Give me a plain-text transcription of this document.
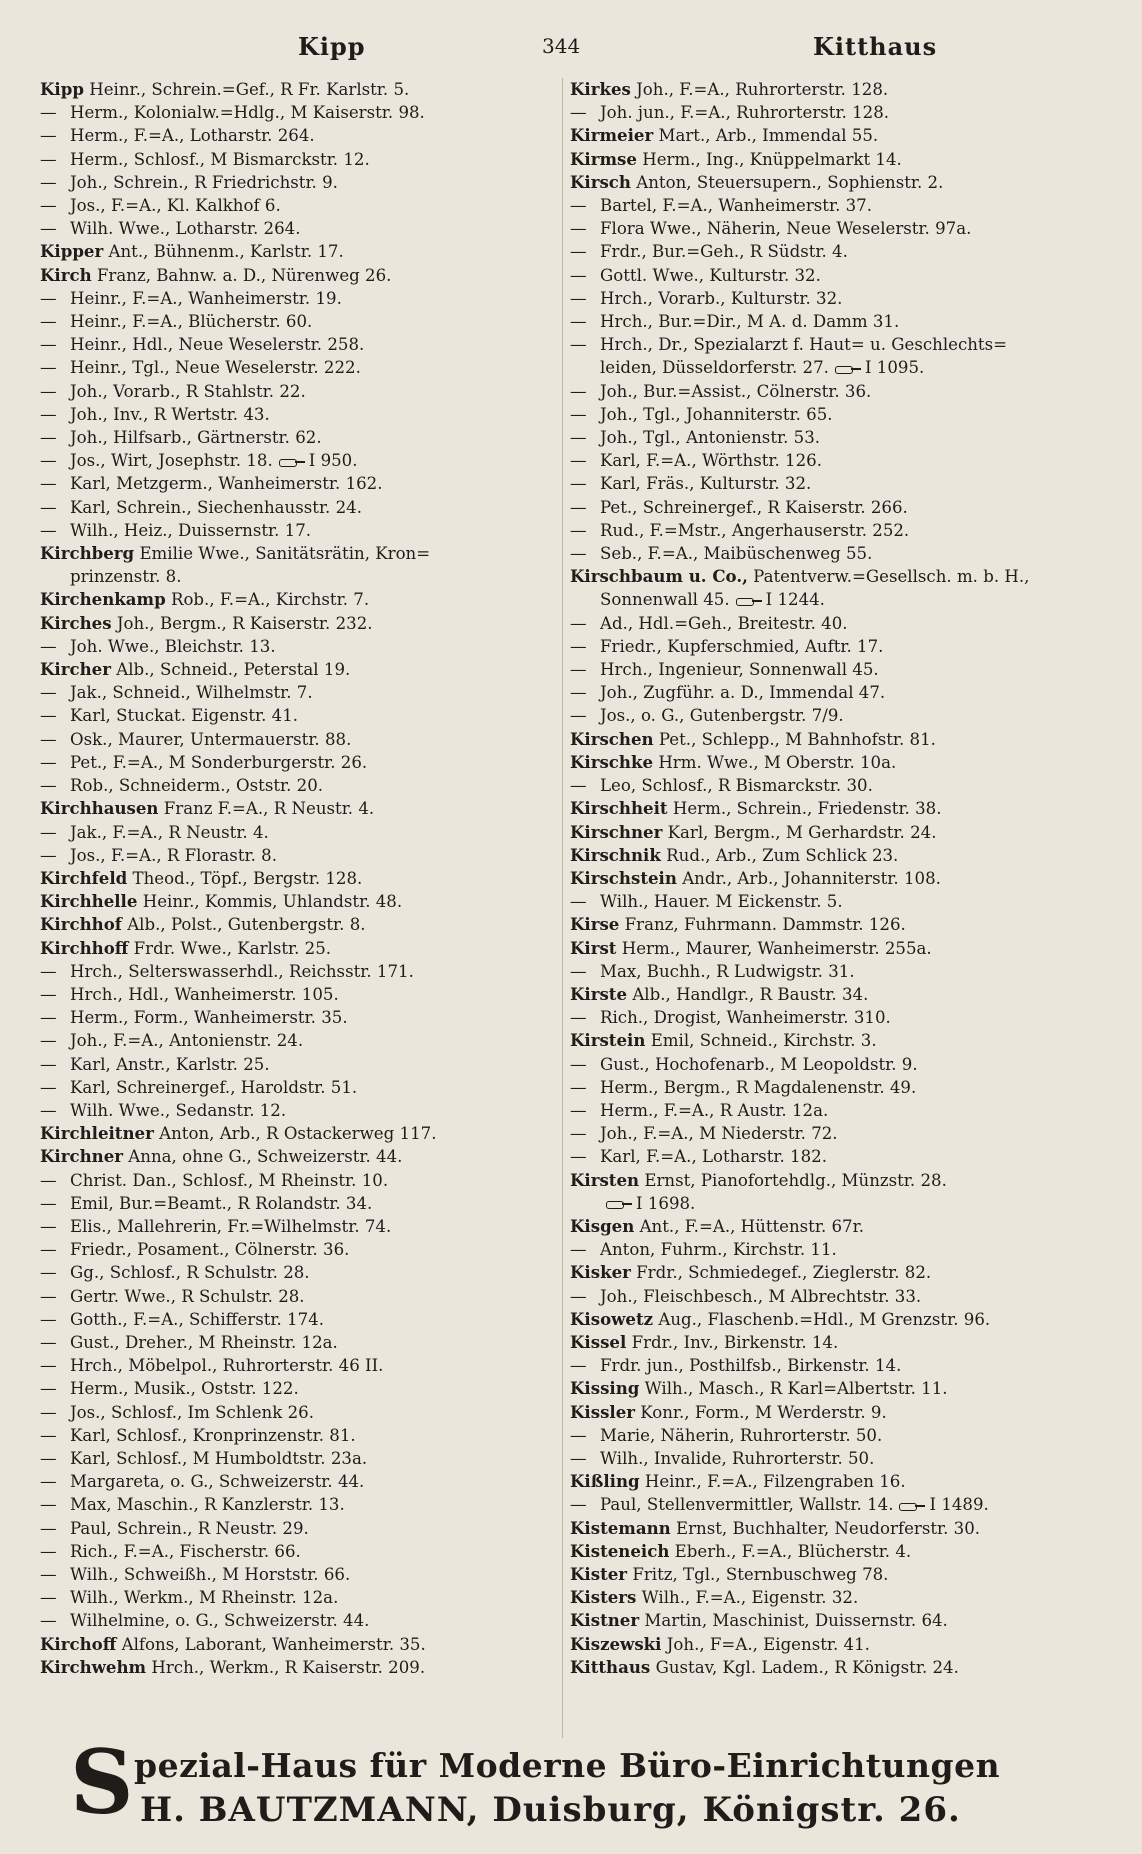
Kipp	344	Kitthaus
Kipp Heinr., Schrein.=Gef., R Fr. Karlstr. 5.
— Herm., Kolonialw.=Hdlg., M Kaiserstr. 98.
— Herm., F.=A., Lotharstr. 264.
— Herm., Schlosf., M Bismarckstr. 12.
— Joh., Schrein., R Friedrichstr. 9.
— Jos., F.=A., Kl. Kalkhof 6.
— Wilh. Wwe., Lotharstr. 264.
Kipper Ant., Bühnenm., Karlstr. 17.
Kirch Franz, Bahnw. a. D., Nürenweg 26.
— Heinr., F.=A., Wanheimerstr. 19.
— Heinr., F.=A., Blücherstr. 60.
— Heinr., Hdl., Neue Weselerstr. 258.
— Heinr., Tgl., Neue Weselerstr. 222.
— Joh., Vorarb., R Stahlstr. 22.
— Joh., Inv., R Wertstr. 43.
— Joh., Hilfsarb., Gärtnerstr. 62.
— Jos., Wirt, Josephstr. 18. I 950.
— Karl, Metzgerm., Wanheimerstr. 162.
— Karl, Schrein., Siechenhausstr. 24.
— Wilh., Heiz., Duissernstr. 17.
Kirchberg Emilie Wwe., Sanitätsrätin, Kron=
prinzenstr. 8.
Kirchenkamp Rob., F.=A., Kirchstr. 7.
Kirches Joh., Bergm., R Kaiserstr. 232.
— Joh. Wwe., Bleichstr. 13.
Kircher Alb., Schneid., Peterstal 19.
— Jak., Schneid., Wilhelmstr. 7.
— Karl, Stuckat. Eigenstr. 41.
— Osk., Maurer, Untermauerstr. 88.
— Pet., F.=A., M Sonderburgerstr. 26.
— Rob., Schneiderm., Oststr. 20.
Kirchhausen Franz F.=A., R Neustr. 4.
— Jak., F.=A., R Neustr. 4.
— Jos., F.=A., R Florastr. 8.
Kirchfeld Theod., Töpf., Bergstr. 128.
Kirchhelle Heinr., Kommis, Uhlandstr. 48.
Kirchhof Alb., Polst., Gutenbergstr. 8.
Kirchhoff Frdr. Wwe., Karlstr. 25.
— Hrch., Selterswasserhdl., Reichsstr. 171.
— Hrch., Hdl., Wanheimerstr. 105.
— Herm., Form., Wanheimerstr. 35.
— Joh., F.=A., Antonienstr. 24.
— Karl, Anstr., Karlstr. 25.
— Karl, Schreinergef., Haroldstr. 51.
— Wilh. Wwe., Sedanstr. 12.
Kirchleitner Anton, Arb., R Ostackerweg 117.
Kirchner Anna, ohne G., Schweizerstr. 44.
— Christ. Dan., Schlosf., M Rheinstr. 10.
— Emil, Bur.=Beamt., R Rolandstr. 34.
— Elis., Mallehrerin, Fr.=Wilhelmstr. 74.
— Friedr., Posament., Cölnerstr. 36.
— Gg., Schlosf., R Schulstr. 28.
— Gertr. Wwe., R Schulstr. 28.
— Gotth., F.=A., Schifferstr. 174.
— Gust., Dreher., M Rheinstr. 12a.
— Hrch., Möbelpol., Ruhrorterstr. 46 II.
— Herm., Musik., Oststr. 122.
— Jos., Schlosf., Im Schlenk 26.
— Karl, Schlosf., Kronprinzenstr. 81.
— Karl, Schlosf., M Humboldtstr. 23a.
— Margareta, o. G., Schweizerstr. 44.
— Max, Maschin., R Kanzlerstr. 13.
— Paul, Schrein., R Neustr. 29.
— Rich., F.=A., Fischerstr. 66.
— Wilh., Schweißh., M Horststr. 66.
— Wilh., Werkm., M Rheinstr. 12a.
— Wilhelmine, o. G., Schweizerstr. 44.
Kirchoff Alfons, Laborant, Wanheimerstr. 35.
Kirchwehm Hrch., Werkm., R Kaiserstr. 209.
Kirkes Joh., F.=A., Ruhrorterstr. 128.
— Joh. jun., F.=A., Ruhrorterstr. 128.
Kirmeier Mart., Arb., Immendal 55.
Kirmse Herm., Ing., Knüppelmarkt 14.
Kirsch Anton, Steuersupern., Sophienstr. 2.
— Bartel, F.=A., Wanheimerstr. 37.
— Flora Wwe., Näherin, Neue Weselerstr. 97a.
— Frdr., Bur.=Geh., R Südstr. 4.
— Gottl. Wwe., Kulturstr. 32.
— Hrch., Vorarb., Kulturstr. 32.
— Hrch., Bur.=Dir., M A. d. Damm 31.
— Hrch., Dr., Spezialarzt f. Haut= u. Geschlechts=
leiden, Düsseldorferstr. 27. I 1095.
— Joh., Bur.=Assist., Cölnerstr. 36.
— Joh., Tgl., Johanniterstr. 65.
— Joh., Tgl., Antonienstr. 53.
— Karl, F.=A., Wörthstr. 126.
— Karl, Fräs., Kulturstr. 32.
— Pet., Schreinergef., R Kaiserstr. 266.
— Rud., F.=Mstr., Angerhauserstr. 252.
— Seb., F.=A., Maibüschenweg 55.
Kirschbaum u. Co., Patentverw.=Gesellsch. m. b. H.,
Sonnenwall 45. I 1244.
— Ad., Hdl.=Geh., Breitestr. 40.
— Friedr., Kupferschmied, Auftr. 17.
— Hrch., Ingenieur, Sonnenwall 45.
— Joh., Zugführ. a. D., Immendal 47.
— Jos., o. G., Gutenbergstr. 7/9.
Kirschen Pet., Schlepp., M Bahnhofstr. 81.
Kirschke Hrm. Wwe., M Oberstr. 10a.
— Leo, Schlosf., R Bismarckstr. 30.
Kirschheit Herm., Schrein., Friedenstr. 38.
Kirschner Karl, Bergm., M Gerhardstr. 24.
Kirschnik Rud., Arb., Zum Schlick 23.
Kirschstein Andr., Arb., Johanniterstr. 108.
— Wilh., Hauer. M Eickenstr. 5.
Kirse Franz, Fuhrmann. Dammstr. 126.
Kirst Herm., Maurer, Wanheimerstr. 255a.
— Max, Buchh., R Ludwigstr. 31.
Kirste Alb., Handlgr., R Baustr. 34.
— Rich., Drogist, Wanheimerstr. 310.
Kirstein Emil, Schneid., Kirchstr. 3.
— Gust., Hochofenarb., M Leopoldstr. 9.
— Herm., Bergm., R Magdalenenstr. 49.
— Herm., F.=A., R Austr. 12a.
— Joh., F.=A., M Niederstr. 72.
— Karl, F.=A., Lotharstr. 182.
Kirsten Ernst, Pianofortehdlg., Münzstr. 28.
I 1698.
Kisgen Ant., F.=A., Hüttenstr. 67r.
— Anton, Fuhrm., Kirchstr. 11.
Kisker Frdr., Schmiedegef., Zieglerstr. 82.
— Joh., Fleischbesch., M Albrechtstr. 33.
Kisowetz Aug., Flaschenb.=Hdl., M Grenzstr. 96.
Kissel Frdr., Inv., Birkenstr. 14.
— Frdr. jun., Posthilfsb., Birkenstr. 14.
Kissing Wilh., Masch., R Karl=Albertstr. 11.
Kissler Konr., Form., M Werderstr. 9.
— Marie, Näherin, Ruhrorterstr. 50.
— Wilh., Invalide, Ruhrorterstr. 50.
Kißling Heinr., F.=A., Filzengraben 16.
— Paul, Stellenvermittler, Wallstr. 14. I 1489.
Kistemann Ernst, Buchhalter, Neudorferstr. 30.
Kisteneich Eberh., F.=A., Blücherstr. 4.
Kister Fritz, Tgl., Sternbuschweg 78.
Kisters Wilh., F.=A., Eigenstr. 32.
Kistner Martin, Maschinist, Duissernstr. 64.
Kiszewski Joh., F=A., Eigenstr. 41.
Kitthaus Gustav, Kgl. Ladem., R Königstr. 24.
S pezial-Haus für Moderne Büro-Einrichtungen
H. BAUTZMANN, Duisburg, Königstr. 26.
